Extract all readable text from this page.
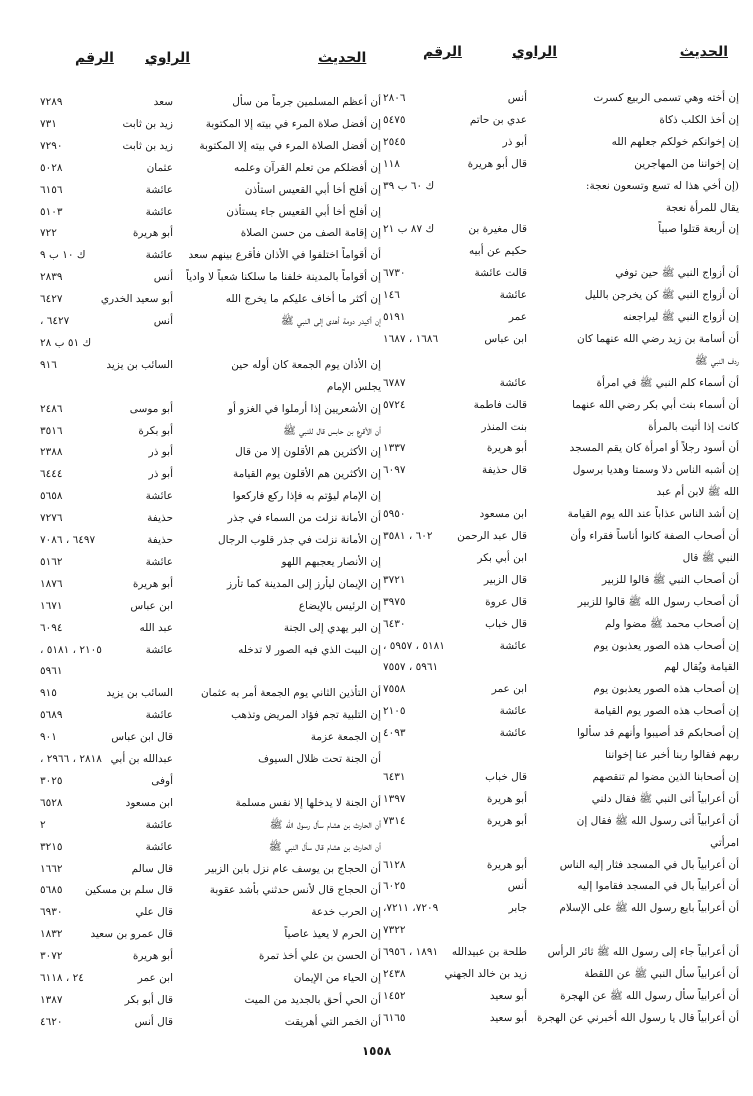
الحديث
الراوي
الرقم
الحديث
الراوي
الرقم
إن أخته وهي تسمى الربيع كسرت
أنس
٢٨٠٦
إن أخذ الكلب ذكاة
عدي بن حاتم
٥٤٧٥
إن إخوانكم خولكم جعلهم الله
أبو ذر
٢٥٤٥
إن إخواننا من المهاجرين
قال أبو هريرة
١١٨
(إن أخي هذا له تسع وتسعون نعجة:
ك ٦٠ ب ٣٩
يقال للمرأة نعجة
إن أربعة قتلوا صبياً
قال مغيرة بن
ك ٨٧ ب ٢١
حكيم عن أبيه
أن أزواج النبي ﷺ حين توفي
قالت عائشة
٦٧٣٠
أن أزواج النبي ﷺ كن يخرجن بالليل
عائشة
١٤٦
إن أزواج النبي ﷺ ليراجعنه
عمر
٥١٩١
أن أسامة بن زيد رضي الله عنهما كان
ابن عباس
١٦٨٦ ، ١٦٨٧
ردف النبي ﷺ
أن أسماء كلم النبي ﷺ في امرأة
عائشة
٦٧٨٧
أن أسماء بنت أبي بكر رضي الله عنهما
قالت فاطمة
٥٧٢٤
كانت إذا أتيت بالمرأة
بنت المنذر
أن أسود رجلاً أو امرأة كان يقم المسجد
أبو هريرة
١٣٣٧
إن أشبه الناس دلا وسمتا وهديا برسول
قال حذيفة
٦٠٩٧
الله ﷺ لابن أم عبد
إن أشد الناس عذاباً عند الله يوم القيامة
ابن مسعود
٥٩٥٠
أن أصحاب الصفة كانوا أناساً فقراء وأن
قال عبد الرحمن
٦٠٢ ، ٣٥٨١
النبي ﷺ قال
ابن أبي بكر
أن أصحاب النبي ﷺ قالوا للزبير
قال الزبير
٣٧٢١
أن أصحاب رسول الله ﷺ قالوا للزبير
قال عروة
٣٩٧٥
إن أصحاب محمد ﷺ مضوا ولم
قال خباب
٦٤٣٠
إن أصحاب هذه الصور يعذبون يوم
عائشة
٥١٨١ ، ٥٩٥٧ ،
القيامة ويُقال لهم
٥٩٦١ ، ٧٥٥٧
إن أصحاب هذه الصور يعذبون يوم
ابن عمر
٧٥٥٨
إن أصحاب هذه الصور يوم القيامة
عائشة
٢١٠٥
إن أصحابكم قد أصيبوا وأنهم قد سألوا
عائشة
٤٠٩٣
ربهم فقالوا ربنا أخبر عنا إخواننا
إن أصحابنا الذين مضوا لم تنقصهم
قال خباب
٦٤٣١
أن أعرابياً أتى النبي ﷺ فقال دلني
أبو هريرة
١٣٩٧
أن أعرابياً أتى رسول الله ﷺ فقال إن
أبو هريرة
٧٣١٤
امرأتي
أن أعرابياً بال في المسجد فثار إليه الناس
أبو هريرة
٦١٢٨
أن أعرابياً بال في المسجد فقاموا إليه
أنس
٦٠٢٥
أن أعرابياً بايع رسول الله ﷺ على الإسلام
جابر
٧٢٠٩، ٧٢١١،
٧٣٢٢
أن أعرابياً جاء إلى رسول الله ﷺ ثائر الرأس
طلحة بن عبيدالله
١٨٩١ ، ٦٩٥٦
أن أعرابياً سأل النبي ﷺ عن اللقطة
زيد بن خالد الجهني
٢٤٣٨
أن أعرابياً سأل رسول الله ﷺ عن الهجرة
أبو سعيد
١٤٥٢
أن أعرابياً قال يا رسول الله أخبرني عن الهجرة
أبو سعيد
٦١٦٥
أن أعظم المسلمين جرماً من سأل
سعد
٧٢٨٩
إن أفضل صلاة المرء في بيته إلا المكتوبة
زيد بن ثابت
٧٣١
إن أفضل الصلاة المرء في بيته إلا المكتوبة
زيد بن ثابت
٧٢٩٠
إن أفضلكم من تعلم القرآن وعلمه
عثمان
٥٠٢٨
إن أفلح أخا أبي القعيس استأذن
عائشة
٦١٥٦
إن أفلح أخا أبي القعيس جاء يستأذن
عائشة
٥١٠٣
إن إقامة الصف من حسن الصلاة
أبو هريرة
٧٢٢
أن أقواماً اختلفوا في الأذان فأقرع بينهم سعد
عائشة
ك ١٠ ب ٩
إن أقواماً بالمدينة خلفنا ما سلكنا شعباً لا وادياً
أنس
٢٨٣٩
إن أكثر ما أخاف عليكم ما يخرج الله
أبو سعيد الخدري
٦٤٢٧
إن أكيدر دومة أهدى إلى النبي ﷺ
أنس
٦٤٢٧ ،
ك ٥١ ب ٢٨
إن الأذان يوم الجمعة كان أوله حين
السائب بن يزيد
٩١٦
يجلس الإمام
إن الأشعريين إذا أرملوا في الغزو أو
أبو موسى
٢٤٨٦
أن الأقرع بن حابس قال للنبي ﷺ
أبو بكرة
٣٥١٦
إن الأكثرين هم الأقلون إلا من قال
أبو ذر
٢٣٨٨
إن الأكثرين هم الأقلون يوم القيامة
أبو ذر
٦٤٤٤
إن الإمام ليؤتم به فإذا ركع فاركعوا
عائشة
٥٦٥٨
أن الأمانة نزلت من السماء في جذر
حذيفة
٧٢٧٦
إن الأمانة نزلت في جذر قلوب الرجال
حذيفة
٦٤٩٧ ، ٧٠٨٦
إن الأنصار يعجبهم اللهو
عائشة
٥١٦٢
إن الإيمان ليأرز إلى المدينة كما تأرز
أبو هريرة
١٨٧٦
إن الرئيس بالإيضاع
ابن عباس
١٦٧١
إن البر يهدي إلى الجنة
عبد الله
٦٠٩٤
إن البيت الذي فيه الصور لا تدخله
عائشة
٢١٠٥ ، ٥١٨١ ،
٥٩٦١
أن التأذين الثاني يوم الجمعة أمر به عثمان
السائب بن يزيد
٩١٥
إن التلبية تجم فؤاد المريض وتذهب
عائشة
٥٦٨٩
إن الجمعة عزمة
قال ابن عباس
٩٠١
أن الجنة تحت ظلال السيوف
عبدالله بن أبي
٢٨١٨ ، ٢٩٦٦ ،
أوفى
٣٠٢٥
أن الجنة لا يدخلها إلا نفس مسلمة
ابن مسعود
٦٥٢٨
أن الحارث بن هشام سأل رسول الله ﷺ
عائشة
٢
أن الحارث بن هشام قال سأل النبي ﷺ
عائشة
٣٢١٥
أن الحجاج بن يوسف عام نزل بابن الزبير
قال سالم
١٦٦٢
أن الحجاج قال لأنس حدثني بأشد عقوبة
قال سلم بن مسكين
٥٦٨٥
إن الحرب خدعة
قال علي
٦٩٣٠
إن الحرم لا يعيذ عاصياً
قال عمرو بن سعيد
١٨٣٢
أن الحسن بن علي أخذ تمرة
أبو هريرة
٣٠٧٢
إن الحياء من الإيمان
ابن عمر
٢٤ ، ٦١١٨
أن الحي أحق بالجديد من الميت
قال أبو بكر
١٣٨٧
أن الخمر التي أهريقت
قال أنس
٤٦٢٠
١٥٥٨
